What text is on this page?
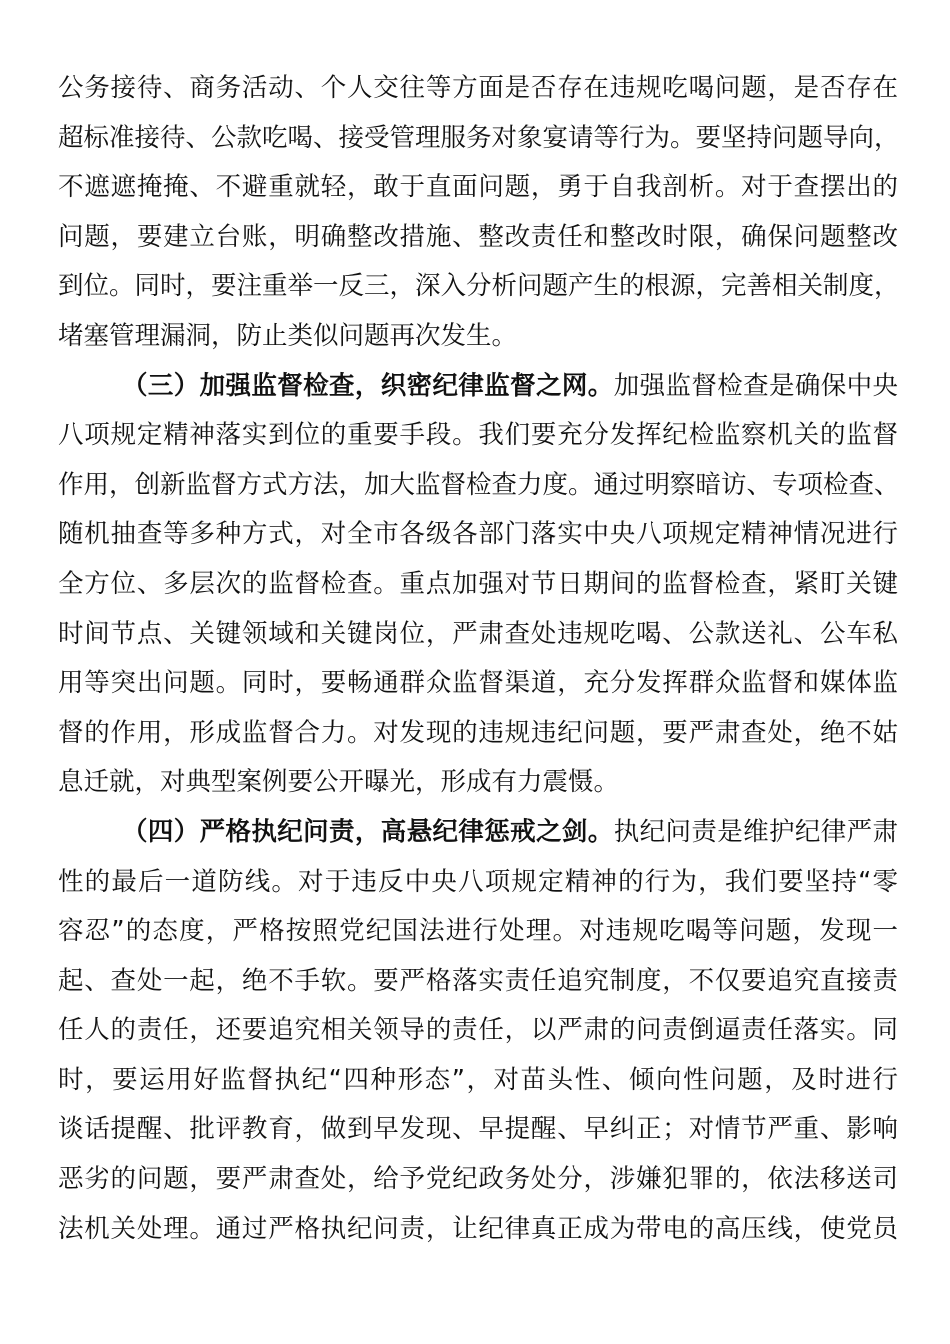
公务接待、商务活动、个人交往等方面是否存在违规吃喝问题，是否存在
超标准接待、公款吃喝、接受管理服务对象宴请等行为。要坚持问题导向，
不遮遮掩掩、不避重就轻，敢于直面问题，勇于自我剖析。对于查摆出的
问题，要建立台账，明确整改措施、整改责任和整改时限，确保问题整改
到位。同时，要注重举一反三，深入分析问题产生的根源，完善相关制度，
堵塞管理漏洞，防止类似问题再次发生。
（三）加强监督检查，织密纪律监督之网。加强监督检查是确保中央
八项规定精神落实到位的重要手段。我们要充分发挥纪检监察机关的监督
作用，创新监督方式方法，加大监督检查力度。通过明察暗访、专项检查、
随机抽查等多种方式，对全市各级各部门落实中央八项规定精神情况进行
全方位、多层次的监督检查。重点加强对节日期间的监督检查，紧盯关键
时间节点、关键领域和关键岗位，严肃查处违规吃喝、公款送礼、公车私
用等突出问题。同时，要畅通群众监督渠道，充分发挥群众监督和媒体监
督的作用，形成监督合力。对发现的违规违纪问题，要严肃查处，绝不姑
息迁就，对典型案例要公开曝光，形成有力震慑。
（四）严格执纪问责，高悬纪律惩戒之剑。执纪问责是维护纪律严肃
性的最后一道防线。对于违反中央八项规定精神的行为，我们要坚持“零
容忍”的态度，严格按照党纪国法进行处理。对违规吃喝等问题，发现一
起、查处一起，绝不手软。要严格落实责任追究制度，不仅要追究直接责
任人的责任，还要追究相关领导的责任，以严肃的问责倒逼责任落实。同
时，要运用好监督执纪“四种形态”，对苗头性、倾向性问题，及时进行
谈话提醒、批评教育，做到早发现、早提醒、早纠正；对情节严重、影响
恶劣的问题，要严肃查处，给予党纪政务处分，涉嫌犯罪的，依法移送司
法机关处理。通过严格执纪问责，让纪律真正成为带电的高压线，使党员
